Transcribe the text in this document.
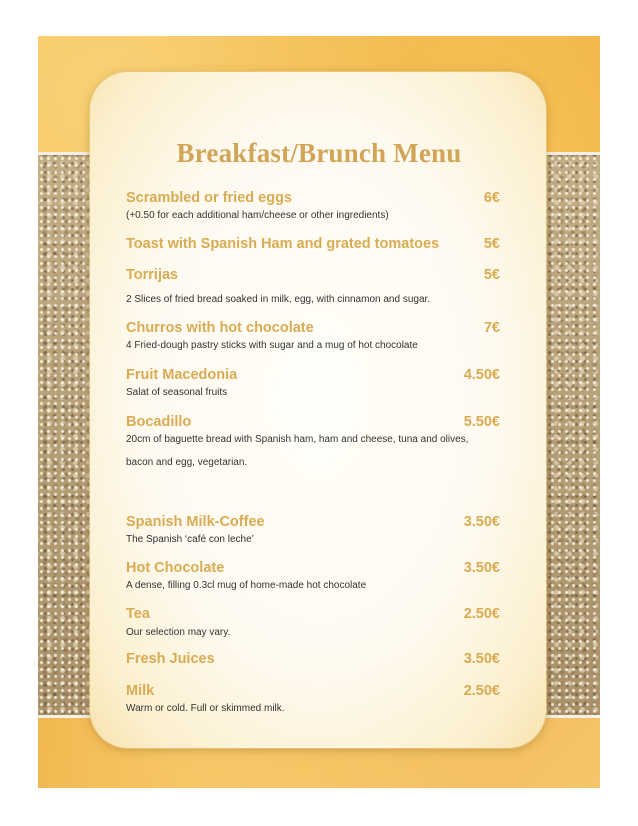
Breakfast/Brunch Menu
Scrambled or fried eggs	6€
(+0.50 for each additional ham/cheese or other ingredients)
Toast with Spanish Ham and grated tomatoes	5€
Torrijas	5€
2 Slices of fried bread soaked in milk, egg, with cinnamon and sugar.
Churros with hot chocolate	7€
4 Fried-dough pastry sticks with sugar and a mug of hot chocolate
Fruit Macedonia	4.50€
Salat of seasonal fruits
Bocadillo	5.50€
20cm of baguette bread with Spanish ham, ham and cheese, tuna and olives,
bacon and egg, vegetarian.
Spanish Milk-Coffee	3.50€
The Spanish ‘café con leche’
Hot Chocolate	3.50€
A dense, filling 0.3cl mug of home-made hot chocolate
Tea	2.50€
Our selection may vary.
Fresh Juices	3.50€
Milk	2.50€
Warm or cold. Full or skimmed milk.
